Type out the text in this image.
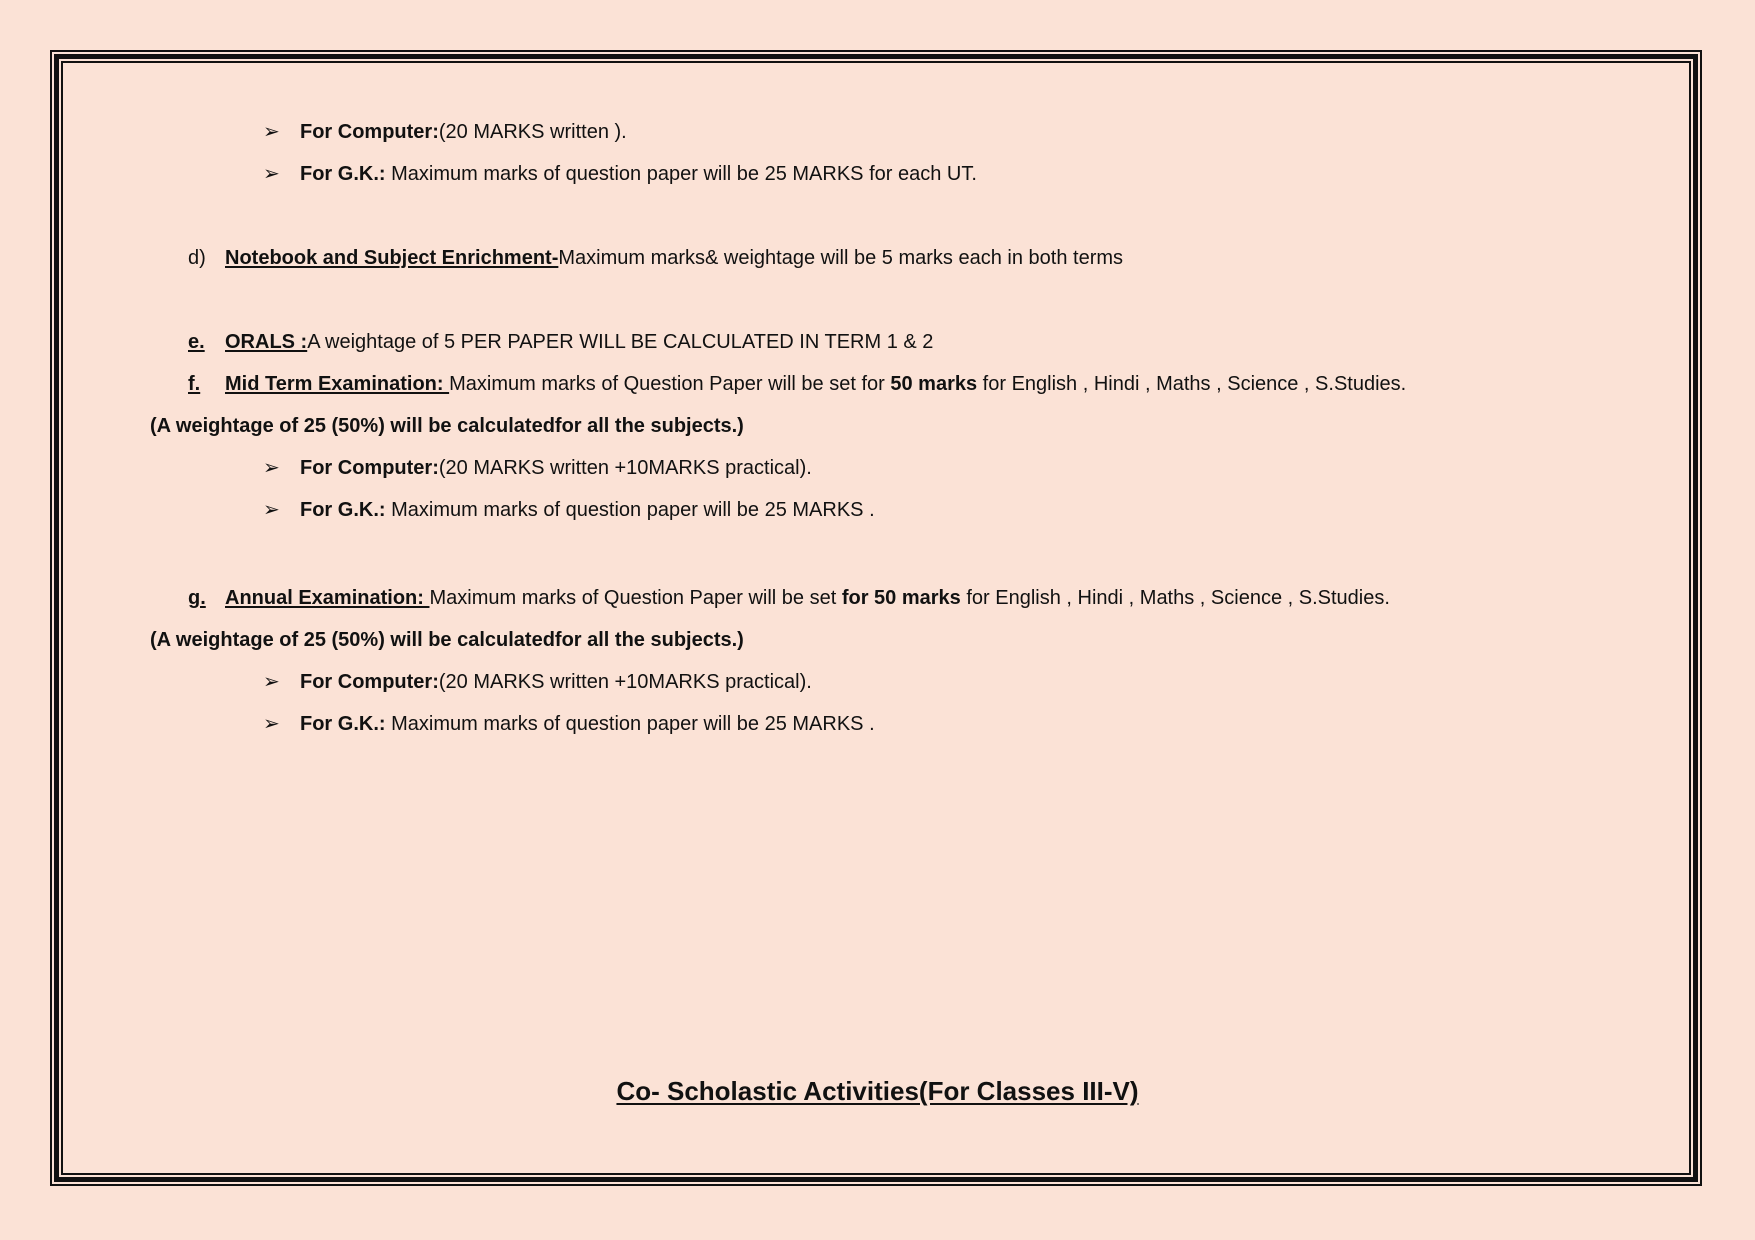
➢ For Computer:(20 MARKS written ).
➢ For G.K.: Maximum marks of question paper will be 25 MARKS for each UT.
d) Notebook and Subject Enrichment-Maximum marks& weightage will be 5 marks each in both terms
e. ORALS :A weightage of 5 PER PAPER WILL BE CALCULATED IN TERM 1 & 2
f. Mid Term Examination: Maximum marks of Question Paper will be set for 50 marks for English , Hindi , Maths , Science , S.Studies.
(A weightage of 25 (50%) will be calculatedfor all the subjects.)
➢ For Computer:(20 MARKS written +10MARKS practical).
➢ For G.K.: Maximum marks of question paper will be 25 MARKS .
g. Annual Examination: Maximum marks of Question Paper will be set for 50 marks for English , Hindi , Maths , Science , S.Studies.
(A weightage of 25 (50%) will be calculatedfor all the subjects.)
➢ For Computer:(20 MARKS written +10MARKS practical).
➢ For G.K.: Maximum marks of question paper will be 25 MARKS .
Co- Scholastic Activities(For Classes III-V)
